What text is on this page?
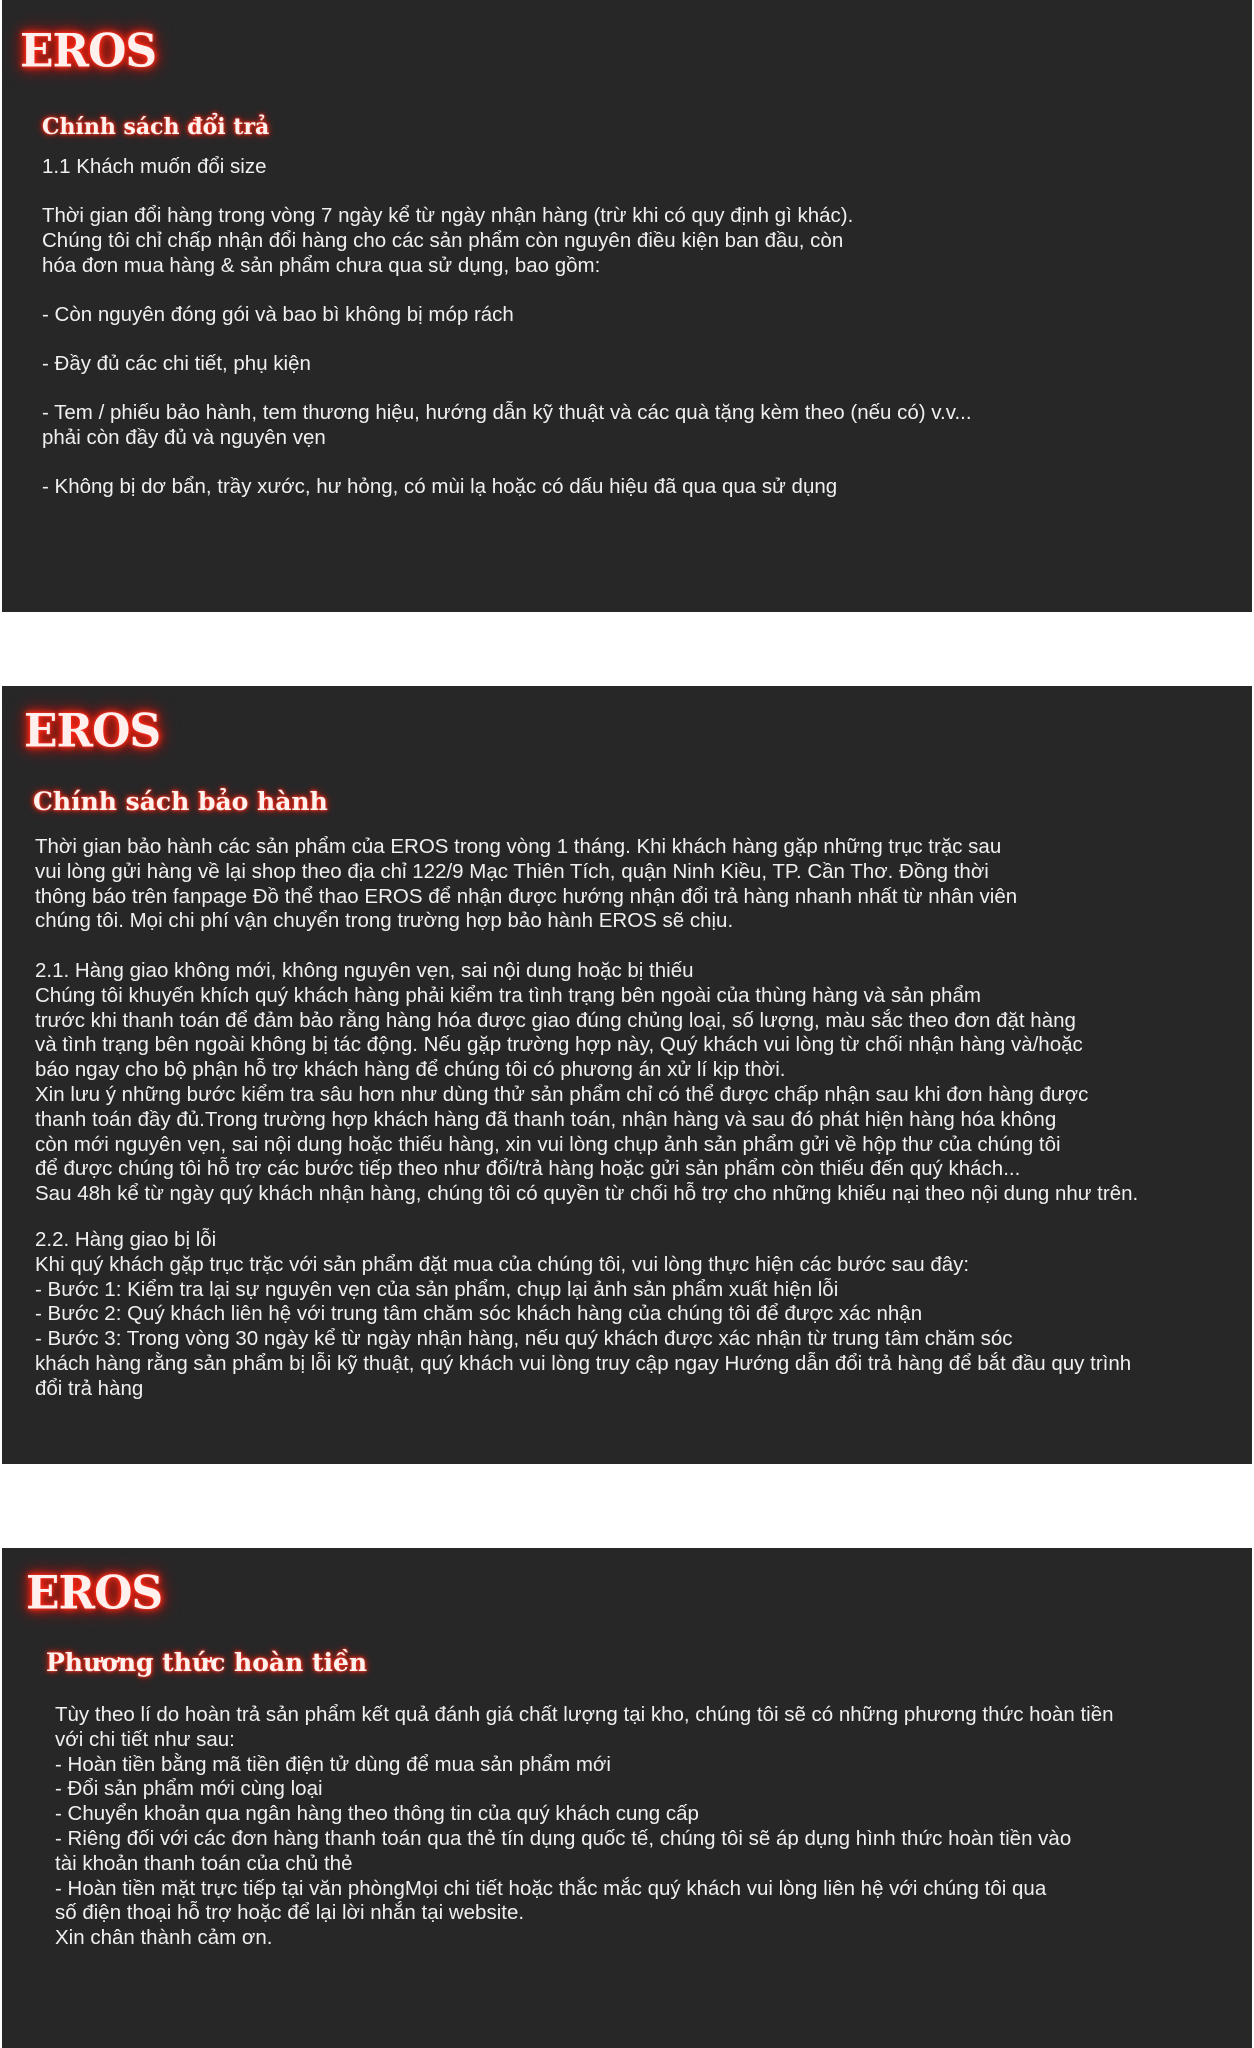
EROS
Chính sách đổi trả

1.1 Khách muốn đổi size

Thời gian đổi hàng trong vòng 7 ngày kể từ ngày nhận hàng (trừ khi có quy định gì khác).
Chúng tôi chỉ chấp nhận đổi hàng cho các sản phẩm còn nguyên điều kiện ban đầu, còn
hóa đơn mua hàng & sản phẩm chưa qua sử dụng, bao gồm:

- Còn nguyên đóng gói và bao bì không bị móp rách

- Đầy đủ các chi tiết, phụ kiện

- Tem / phiếu bảo hành, tem thương hiệu, hướng dẫn kỹ thuật và các quà tặng kèm theo (nếu có) v.v...
phải còn đầy đủ và nguyên vẹn

- Không bị dơ bẩn, trầy xước, hư hỏng, có mùi lạ hoặc có dấu hiệu đã qua qua sử dụng

EROS
Chính sách bảo hành

Thời gian bảo hành các sản phẩm của EROS trong vòng 1 tháng. Khi khách hàng gặp những trục trặc sau
vui lòng gửi hàng về lại shop theo địa chỉ 122/9 Mạc Thiên Tích, quận Ninh Kiều, TP. Cần Thơ. Đồng thời
thông báo trên fanpage Đồ thể thao EROS để nhận được hướng nhận đổi trả hàng nhanh nhất từ nhân viên
chúng tôi. Mọi chi phí vận chuyển trong trường hợp bảo hành EROS sẽ chịu.

2.1. Hàng giao không mới, không nguyên vẹn, sai nội dung hoặc bị thiếu
Chúng tôi khuyến khích quý khách hàng phải kiểm tra tình trạng bên ngoài của thùng hàng và sản phẩm
trước khi thanh toán để đảm bảo rằng hàng hóa được giao đúng chủng loại, số lượng, màu sắc theo đơn đặt hàng
và tình trạng bên ngoài không bị tác động. Nếu gặp trường hợp này, Quý khách vui lòng từ chối nhận hàng và/hoặc
báo ngay cho bộ phận hỗ trợ khách hàng để chúng tôi có phương án xử lí kịp thời.
Xin lưu ý những bước kiểm tra sâu hơn như dùng thử sản phẩm chỉ có thể được chấp nhận sau khi đơn hàng được
thanh toán đầy đủ.Trong trường hợp khách hàng đã thanh toán, nhận hàng và sau đó phát hiện hàng hóa không
còn mới nguyên vẹn, sai nội dung hoặc thiếu hàng, xin vui lòng chụp ảnh sản phẩm gửi về hộp thư của chúng tôi
để được chúng tôi hỗ trợ các bước tiếp theo như đổi/trả hàng hoặc gửi sản phẩm còn thiếu đến quý khách...
Sau 48h kể từ ngày quý khách nhận hàng, chúng tôi có quyền từ chối hỗ trợ cho những khiếu nại theo nội dung như trên.

2.2. Hàng giao bị lỗi
Khi quý khách gặp trục trặc với sản phẩm đặt mua của chúng tôi, vui lòng thực hiện các bước sau đây:
- Bước 1: Kiểm tra lại sự nguyên vẹn của sản phẩm, chụp lại ảnh sản phẩm xuất hiện lỗi
- Bước 2: Quý khách liên hệ với trung tâm chăm sóc khách hàng của chúng tôi để được xác nhận
- Bước 3: Trong vòng 30 ngày kể từ ngày nhận hàng, nếu quý khách được xác nhận từ trung tâm chăm sóc
khách hàng rằng sản phẩm bị lỗi kỹ thuật, quý khách vui lòng truy cập ngay Hướng dẫn đổi trả hàng để bắt đầu quy trình
đổi trả hàng

EROS
Phương thức hoàn tiền

Tùy theo lí do hoàn trả sản phẩm kết quả đánh giá chất lượng tại kho, chúng tôi sẽ có những phương thức hoàn tiền
với chi tiết như sau:
- Hoàn tiền bằng mã tiền điện tử dùng để mua sản phẩm mới
- Đổi sản phẩm mới cùng loại
- Chuyển khoản qua ngân hàng theo thông tin của quý khách cung cấp
- Riêng đối với các đơn hàng thanh toán qua thẻ tín dụng quốc tế, chúng tôi sẽ áp dụng hình thức hoàn tiền vào
tài khoản thanh toán của chủ thẻ
- Hoàn tiền mặt trực tiếp tại văn phòngMọi chi tiết hoặc thắc mắc quý khách vui lòng liên hệ với chúng tôi qua
số điện thoại hỗ trợ hoặc để lại lời nhắn tại website.
Xin chân thành cảm ơn.
